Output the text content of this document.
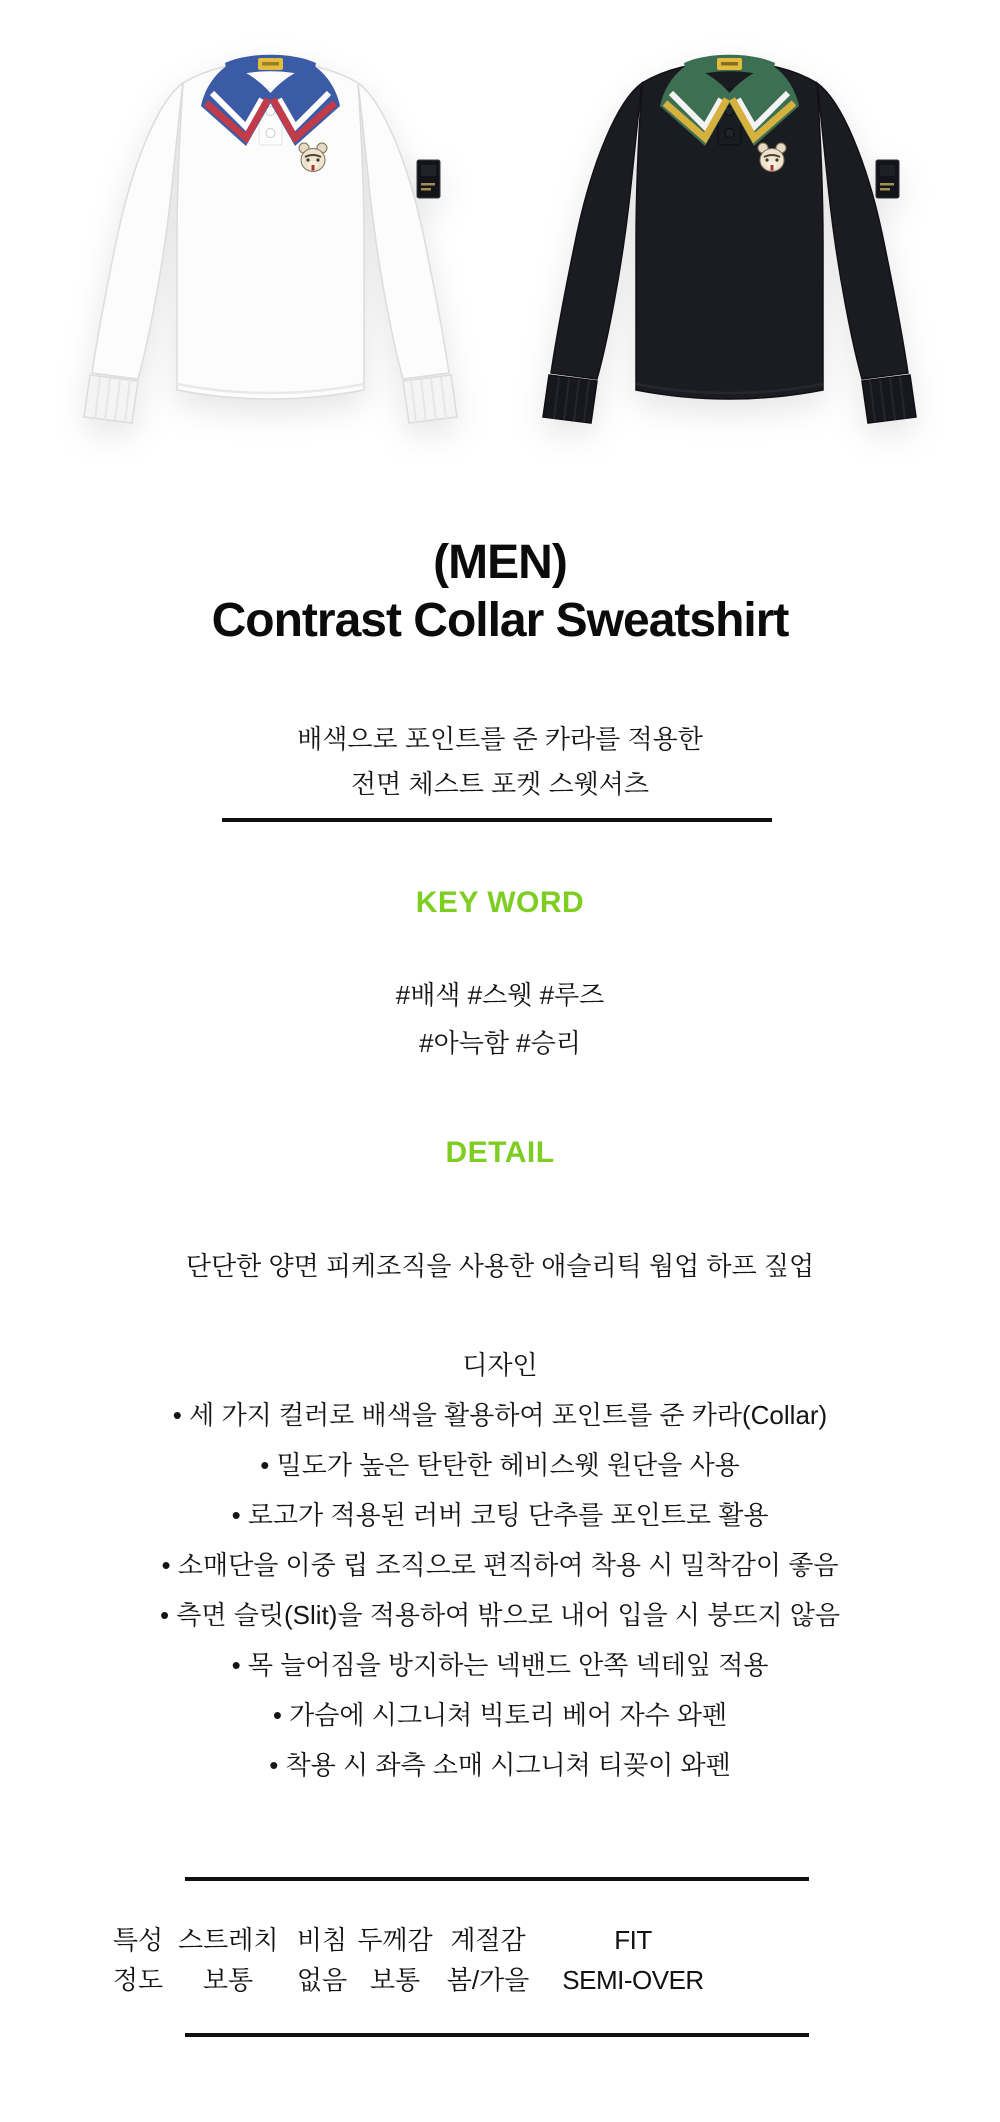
(MEN)
Contrast Collar Sweatshirt
배색으로 포인트를 준 카라를 적용한
전면 체스트 포켓 스웻셔츠
KEY WORD
#배색 #스웻 #루즈
#아늑함 #승리
DETAIL
단단한 양면 피케조직을 사용한 애슬리틱 웜업 하프 짚업
디자인
• 세 가지 컬러로 배색을 활용하여 포인트를 준 카라(Collar)
• 밀도가 높은 탄탄한 헤비스웻 원단을 사용
• 로고가 적용된 러버 코팅 단추를 포인트로 활용
• 소매단을 이중 립 조직으로 편직하여 착용 시 밀착감이 좋음
• 측면 슬릿(Slit)을 적용하여 밖으로 내어 입을 시 붕뜨지 않음
• 목 늘어짐을 방지하는 넥밴드 안쪽 넥테잎 적용
• 가슴에 시그니쳐 빅토리 베어 자수 와펜
• 착용 시 좌측 소매 시그니쳐 티꽂이 와펜
특성
정도
스트레치
보통
비침
없음
두께감
보통
계절감
봄/가을
FIT
SEMI-OVER
